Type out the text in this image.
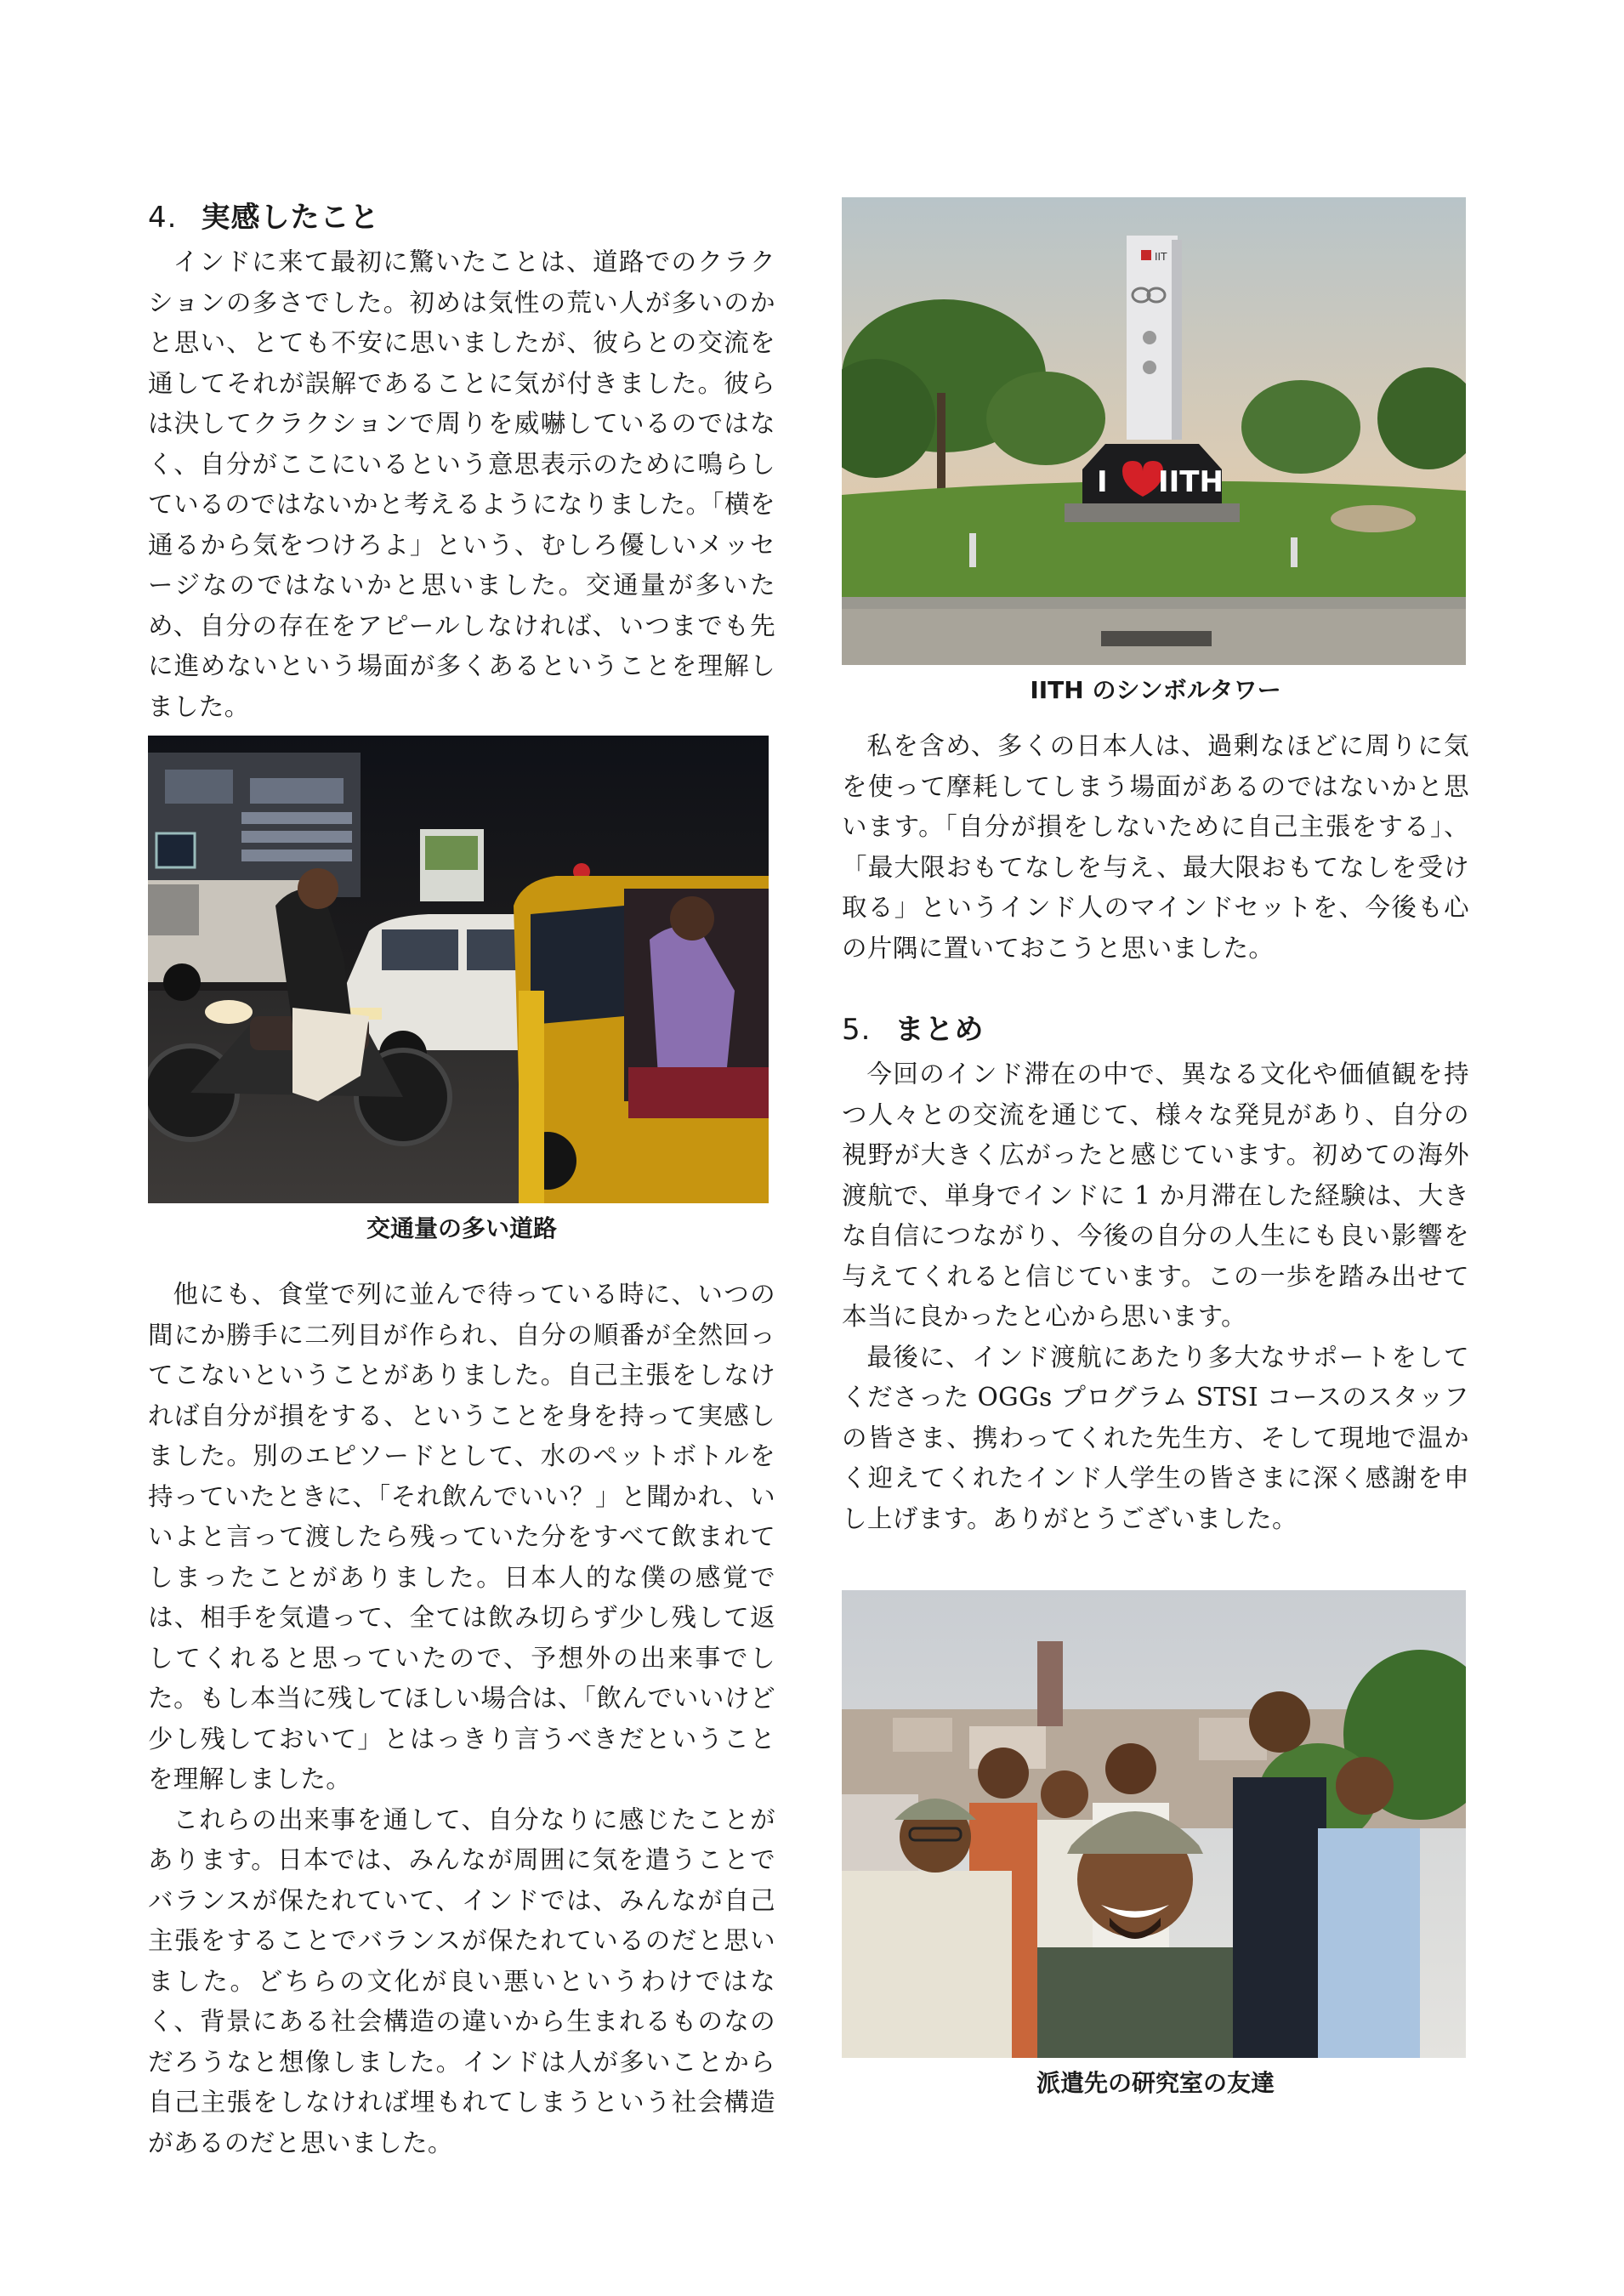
4. 実感したこと

インドに来て最初に驚いたことは、道路でのクラクションの多さでした。初めは気性の荒い人が多いのかと思い、とても不安に思いましたが、彼らとの交流を通してそれが誤解であることに気が付きました。彼らは決してクラクションで周りを威嚇しているのではなく、自分がここにいるという意思表示のために鳴らしているのではないかと考えるようになりました。「横を通るから気をつけろよ」という、むしろ優しいメッセージなのではないかと思いました。交通量が多いため、自分の存在をアピールしなければ、いつまでも先に進めないという場面が多くあるということを理解しました。

交通量の多い道路

他にも、食堂で列に並んで待っている時に、いつの間にか勝手に二列目が作られ、自分の順番が全然回ってこないということがありました。自己主張をしなければ自分が損をする、ということを身を持って実感しました。別のエピソードとして、水のペットボトルを持っていたときに、「それ飲んでいい？」と聞かれ、いいよと言って渡したら残っていた分をすべて飲まれてしまったことがありました。日本人的な僕の感覚では、相手を気遣って、全ては飲み切らず少し残して返してくれると思っていたので、予想外の出来事でした。もし本当に残してほしい場合は、「飲んでいいけど少し残しておいて」とはっきり言うべきだということを理解しました。

これらの出来事を通して、自分なりに感じたことがあります。日本では、みんなが周囲に気を遣うことでバランスが保たれていて、インドでは、みんなが自己主張をすることでバランスが保たれているのだと思いました。どちらの文化が良い悪いというわけではなく、背景にある社会構造の違いから生まれるものなのだろうなと想像しました。インドは人が多いことから自己主張をしなければ埋もれてしまうという社会構造があるのだと思いました。

IIT
I IITH

IITH のシンボルタワー

私を含め、多くの日本人は、過剰なほどに周りに気を使って摩耗してしまう場面があるのではないかと思います。「自分が損をしないために自己主張をする」、「最大限おもてなしを与え、最大限おもてなしを受け取る」というインド人のマインドセットを、今後も心の片隅に置いておこうと思いました。

5. まとめ

今回のインド滞在の中で、異なる文化や価値観を持つ人々との交流を通じて、様々な発見があり、自分の視野が大きく広がったと感じています。初めての海外渡航で、単身でインドに 1 か月滞在した経験は、大きな自信につながり、今後の自分の人生にも良い影響を与えてくれると信じています。この一歩を踏み出せて本当に良かったと心から思います。

最後に、インド渡航にあたり多大なサポートをしてくださった OGGs プログラム STSI コースのスタッフの皆さま、携わってくれた先生方、そして現地で温かく迎えてくれたインド人学生の皆さまに深く感謝を申し上げます。ありがとうございました。

派遣先の研究室の友達
